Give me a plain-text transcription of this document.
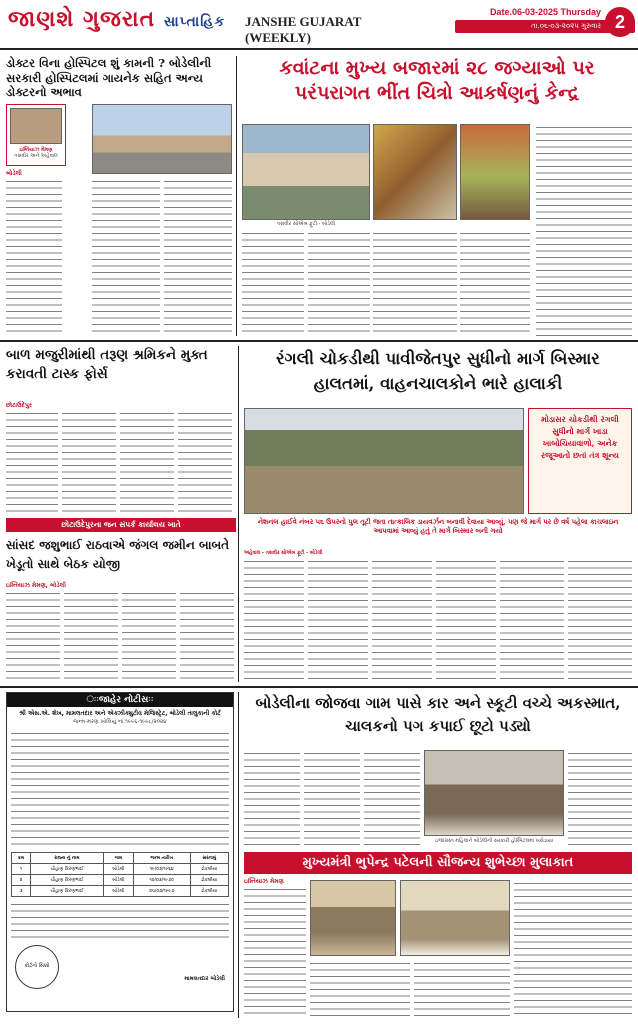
જાણશે ગુજરાત સાપ્તાહિક	JANSHE GUJARAT (WEEKLY)
Date.06-03-2025 Thursday
તા.૦૬-૦૩-૨૦૨૫ ગુરુવાર 2
ડોક્ટર વિના હોસ્પિટલ શું કામની ? બોડેલીની સરકારી હોસ્પિટલમાં ગાયનેક સહિત અન્ય ડોક્ટરનો અભાવ
ઇમ્તિયાઝ મેમણ
તસવીર અને અહેવાલ
બોડેલી
કવાંટના મુખ્ય બજારમાં ૨૮ જગ્યાઓ પર પરંપરાગત ભીંત ચિત્રો આકર્ષણનું કેન્દ્ર
તસવીર સોએબ ફૂટી - બોડેલી
બાળ મજુરીમાંથી તરૂણ શ્રમિકને મુક્ત કરાવતી ટાસ્ક ફોર્સ
છોટાઉદેપુર
છોટાઉદેપુરના જન સંપર્ક કાર્યાલય ખાતે
સાંસદ જશુભાઈ રાઠવાએ જંગલ જમીન બાબતે ખેડૂતો સાથે બેઠક યોજી
ઇમ્તિયાઝ મેમણ, બોડેલી
રંગલી ચોકડીથી પાવીજેતપુર સુધીનો માર્ગ બિસ્માર હાલતમાં, વાહનચાલકોને ભારે હાલાકી
મોડાસર ચોકડીથી રંગલી સુધીનો માર્ગ ખાડા ખાબોચિયાવાળો, અનેક રજૂઆતો છતાં તંત્ર શૂન્ય
નેશનલ હાઈવે નંબર ૫૬ ઉપરનો પુલ તૂટી જતા તાત્કાલિક ડાયવર્ઝન બનાવી દેવાયા આવ્યું, પણ જે માર્ગ પર છે વર્ષ પહેલા કાચલાઇન આપવામાં આવ્યું હતું તે માર્ગ બિસ્માર બની ગયો
અહેવાલ - તસવીર સોએબ ફૂટી - બોડેલી
ઃઃજાહેર નોટીસઃઃ
શ્રી એસ.એ. શેખ, મામલતદાર અને એક્ઝીક્યુટીવ મેજિસ્ટ્રેટ, બોડેલી તાલુકાની કોર્ટ
જન્મ-મરણ ખોલિયું નાં.૧૯૯૬-૧૯૯૮/૨૦૨૪
ક્રમ	રાજ્ય નું નામ	ગામ	જન્મ તારીખ	સરનામું
૧	ચૌહાણ કિરણભાઈ	બોડેલી	૧૯/૦૩/૧૯૬૪	ઢોકલીયા
૨	ચૌહાણ કિરણભાઈ	બોડેલી	૧૦/૦૩/૧૯૭૦	ઢોકલીયા
૩	ચૌહાણ કિરણભાઈ	બોડેલી	૨૫/૦૩/૧૯૯૭	ઢોકલીયા
કોર્ટનો સિક્કો
મામલતદાર બોડેલી
બોડેલીના જોજવા ગામ પાસે કાર અને સ્કૂટી વચ્ચે અકસ્માત, ચાલકનો પગ કપાઈ છૂટો પડ્યો
ઇજાગ્રસ્ત મહિલાને બોડેલીની સરકારી હોસ્પિટલમાં ખસેડાયા
મુખ્યમંત્રી ભુપેન્દ્ર પટેલની સૌજન્ય શુભેચ્છા મુલાકાત
ઇમ્તિયાઝ મેમણ
